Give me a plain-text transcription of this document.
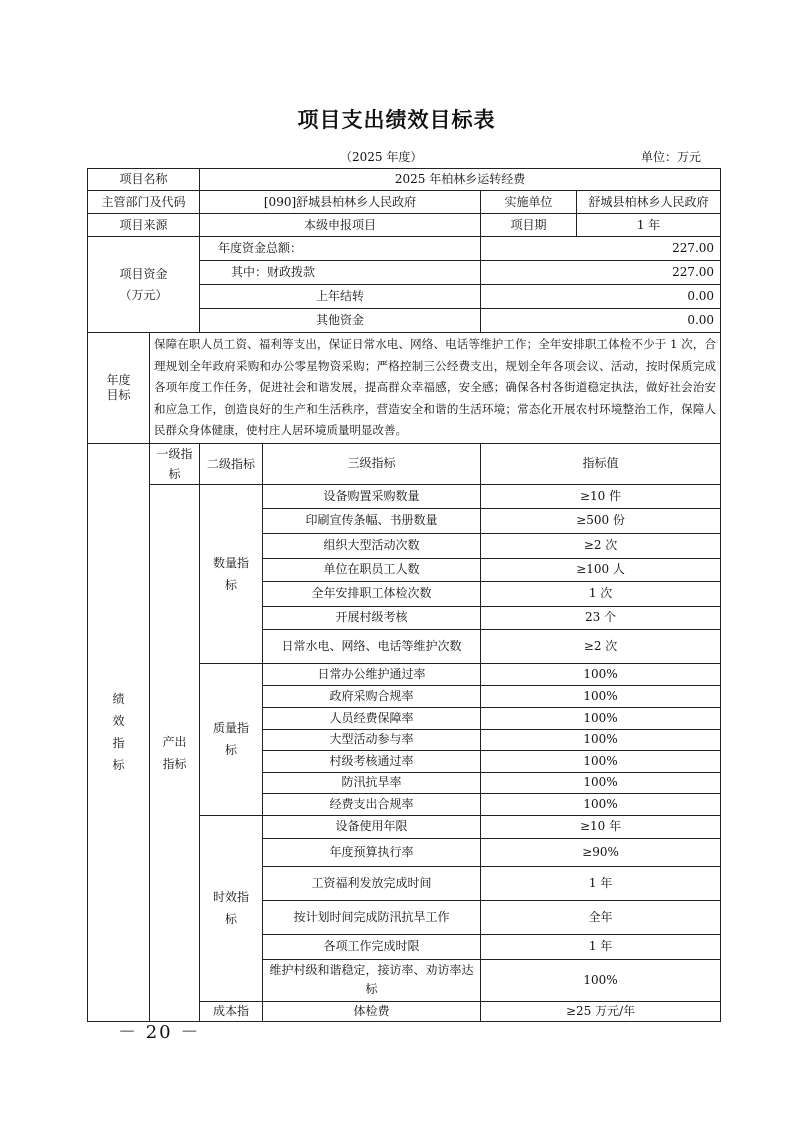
项目支出绩效目标表
（2025 年度）	单位：万元
项目名称		2025 年柏林乡运转经费			
主管部门及代码		[090]舒城县柏林乡人民政府		实施单位	舒城县柏林乡人民政府
项目来源		本级申报项目		项目期	1 年

项目资金
（万元）		年度资金总额：		227.00	
		其中：财政拨款		227.00	
		上年结转		0.00	
		其他资金		0.00	

年度
目标	保障在职人员工资、福利等支出，保证日常水电、网络、电话等维护工作；全年安排职工体检不少于 1 次，合理规划全年政府采购和办公零星物资采购；严格控制三公经费支出，规划全年各项会议、活动，按时保质完成各项年度工作任务，促进社会和谐发展，提高群众幸福感，安全感；确保各村各街道稳定执法，做好社会治安和应急工作，创造良好的生产和生活秩序，营造安全和谐的生活环境；常态化开展农村环境整治工作，保障人民群众身体健康，使村庄人居环境质量明显改善。				

绩
效
指
标	一级指标	二级指标	三级指标	指标值	
	产出指标	数量指标	设备购置采购数量	≥10 件	
			印刷宣传条幅、书册数量	≥500 份	
			组织大型活动次数	≥2 次	
			单位在职员工人数	≥100 人	
			全年安排职工体检次数	1 次	
			开展村级考核	23 个	
			日常水电、网络、电话等维护次数	≥2 次	
		质量指标	日常办公维护通过率	100%	
			政府采购合规率	100%	
			人员经费保障率	100%	
			大型活动参与率	100%	
			村级考核通过率	100%	
			防汛抗旱率	100%	
			经费支出合规率	100%	
		时效指标	设备使用年限	≥10 年	
			年度预算执行率	≥90%	
			工资福利发放完成时间	1 年	
			按计划时间完成防汛抗旱工作	全年	
			各项工作完成时限	1 年	
			维护村级和谐稳定，接访率、劝访率达标	100%	
		成本指	体检费	≥25 万元/年	
－ 20 －
